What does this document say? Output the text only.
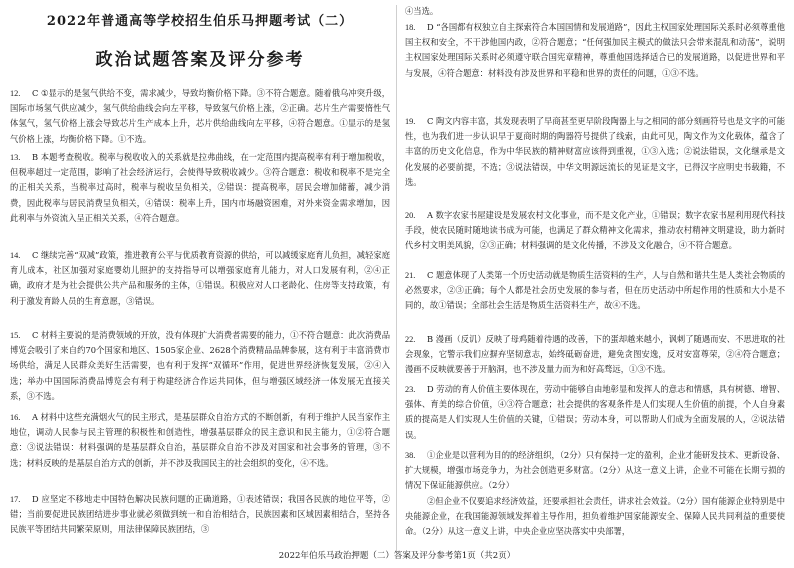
2022年普通高等学校招生伯乐马押题考试（二）
政治试题答案及评分参考

12. C ①显示的是氢气供给不变，需求减少，导致均衡价格下降。③不符合题意。随着俄乌冲突升级，国际市场氢气供应减少，氢气供给曲线会向左平移，导致氢气价格上涨，②正确。芯片生产需要惰性气体氢气，氢气价格上涨会导致芯片生产成本上升，芯片供给曲线向左平移，④符合题意。①显示的是氢气价格上涨，均衡价格下降。①不选。

13. B 本题考查税收。税率与税收收入的关系就是拉弗曲线，在一定范围内提高税率有利于增加税收，但税率超过一定范围，影响了社会经济运行，会使得导致税收减少。③符合题意：税收和税率不是完全的正相关关系，当税率过高时，税率与税收呈负相关，②错误：提高税率，居民会增加储蓄，减少消费，因此税率与居民消费呈负相关，④错误：税率上升，国内市场融资困难，对外来资金需求增加，因此利率与外资流入呈正相关关系，④符合题意。

14. C 继续完善“双减”政策，推进教育公平与优质教育资源的供给，可以减缓家庭育儿负担，减轻家庭育儿成本，社区加强对家庭婴幼儿照护的支持指导可以增强家庭育儿能力，对人口发展有利，②④正确，政府才是为社会提供公共产品和服务的主体，①错误。积极应对人口老龄化、住房等支持政策，有利于激发育龄人员的生育意愿，③错误。

15. C 材料主要说的是消费领域的开放，没有体现扩大消费者需要的能力，①不符合题意：此次消费品博览会吸引了来自约70个国家和地区、1505家企业、2628个消费精品品牌参展，这有利于丰富消费市场供给，满足人民群众美好生活需要，也有利于发挥“双循环”作用，促进世界经济恢复发展，②④入选；举办中国国际消费品博览会有利于构建经济合作运共同体，但与增强区域经济一体发展无直接关系，③不选。

16. A 材料中这些充满烟火气的民主形式，是基层群众自治方式的不断创新，有利于维护人民当家作主地位，调动人民参与民主管理的积极性和创造性，增强基层群众的民主意识和民主能力，①②符合题意：③说法错误：材料强调的是基层群众自治，基层群众自治不涉及对国家和社会事务的管理，③不选；材料反映的是基层自治方式的创新，并不涉及我国民主的社会组织的变化，④不选。

17. D 应坚定不移地走中国特色解决民族问题的正确道路，①表述错误；我国各民族的地位平等，②错；当前要促进民族团结进步事业就必须做到统一和自治相结合，民族因素和区域因素相结合，坚持各民族平等团结共同繁荣原则，用法律保障民族团结，③

④当选。

18. D “各国都有权独立自主探索符合本国国情和发展道路”，因此主权国家处理国际关系时必须尊重他国主权和安全，不干涉他国内政，②符合题意；“任何强加民主模式的做法只会带来混乱和动荡”，说明主权国家处理国际关系时必须遵守联合国宪章精神，尊重他国选择适合已的发展道路，以促进世界和平与发展，④符合题意：材料没有涉及世界和平稳和世界的责任的问题，①③不选。

19. C 陶文内容丰富，其发现表明了早商甚至更早阶段陶器上与之相同的部分刻画符号也是文字的可能性，也为我们进一步认识早于夏商时期的陶器符号提供了线索，由此可见，陶文作为文化载体，蕴含了丰富的历史文化信息，作为中华民族的精神财富应该得到重视，①③入选；②说法错误，文化继承是文化发展的必要前提，不选；③说法错误，中华文明源远流长的见证是文字，已得汉字应明史书载籍，不选。

20. A 数字农家书屋建设是发展农村文化事业，而不是文化产业，①错误；数字农家书屋利用现代科技手段，使农民随时随地读书成为可能，也满足了群众精神文化需求，推动农村精神文明建设，助力新时代乡村文明美风貌，②③正确；材料强调的是文化传播，不涉及文化融合，④不符合题意。

21. C 题意体现了人类第一个历史活动就是物质生活资料的生产，人与自然和谐共生是人类社会物质的必然要求，②③正确；每个人都是社会历史发展的参与者，但在历史活动中所起作用的性质和大小是不同的，故①错误；全部社会生活是物质生活资料生产，故④不选。

22. B 漫画（反讥）反映了母鸡随着待遇的改善，下的蛋却越来越小，讽刺了随遇而安、不思进取的社会现象，它警示我们应摒弃坚韧意志，始终砥砺奋进，避免贪图安逸，反对安富尊荣，②④符合题意；漫画不反映就要善于开脑洞，也不涉及量力而为和好高骛远，①③不选。

23. D 劳动的育人价值主要体现在，劳动中能够自由地彰显和发挥人的意志和情感，具有树德、增智、强体、育美的综合价值，④③符合题意；社会提供的客观条件是人们实现人生价值的前提，个人自身素质的提高是人们实现人生价值的关键，①错误；劳动本身，可以帮助人们成为全面发展的人，②说法错误。

38. ①企业是以营利为目的的经济组织，（2分）只有保持一定的盈利，企业才能研发技术、更新设备、扩大规模，增强市场竞争力，为社会创造更多财富。（2分）从这一意义上讲，企业不可能在长期亏损的情况下保证能源供应。（2分）

②但企业不仅要追求经济效益，还要承担社会责任，讲求社会效益。（2分）国有能源企业特别是中央能源企业，在我国能源领域发挥着主导作用，担负着维护国家能源安全、保障人民共同利益的重要使命。（2分）从这一意义上讲，中央企业应坚决落实中央部署，

2022年伯乐马政治押题（二）答案及评分参考第1页（共2页）
